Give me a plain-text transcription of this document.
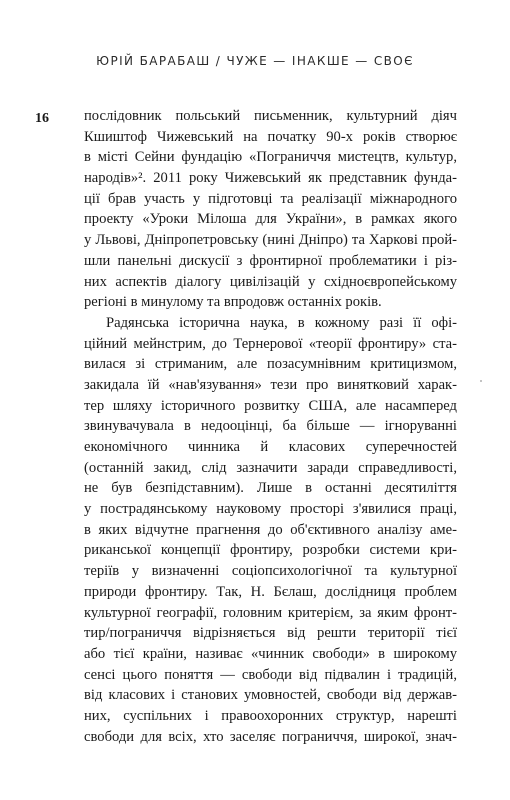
ЮРІЙ БАРАБАШ / ЧУЖЕ — ІНАКШЕ — СВОЄ
16 послідовник польський письменник, культурний діяч
Кшиштоф Чижевський на початку 90-х років створює
в місті Сейни фундацію «Пограниччя мистецтв, культур,
народів»². 2011 року Чижевський як представник фунда-
ції брав участь у підготовці та реалізації міжнародного
проекту «Уроки Мілоша для України», в рамках якого
у Львові, Дніпропетровську (нині Дніпро) та Харкові прой-
шли панельні дискусії з фронтирної проблематики і різ-
них аспектів діалогу цивілізацій у східноєвропейському
регіоні в минулому та впродовж останніх років.
Радянська історична наука, в кожному разі її офі-
ційний мейнстрим, до Тернерової «теорії фронтиру» ста-
вилася зі стриманим, але позасумнівним критицизмом,
закидала їй «нав'язування» тези про винятковий харак-
тер шляху історичного розвитку США, але насамперед
звинувачувала в недооцінці, ба більше — ігноруванні
економічного чинника й класових суперечностей
(останній закид, слід зазначити заради справедливості,
не був безпідставним). Лише в останні десятиліття
у пострадянському науковому просторі з'явилися праці,
в яких відчутне прагнення до об'єктивного аналізу аме-
риканської концепції фронтиру, розробки системи кри-
теріїв у визначенні соціопсихологічної та культурної
природи фронтиру. Так, Н. Бєлаш, дослідниця проблем
культурної географії, головним критерієм, за яким фронт-
тир/пограниччя відрізняється від решти території тієї
або тієї країни, називає «чинник свободи» в широкому
сенсі цього поняття — свободи від підвалин і традицій,
від класових і станових умовностей, свободи від держав-
них, суспільних і правоохоронних структур, нарешті
свободи для всіх, хто заселяє пограниччя, широкої, знач-
